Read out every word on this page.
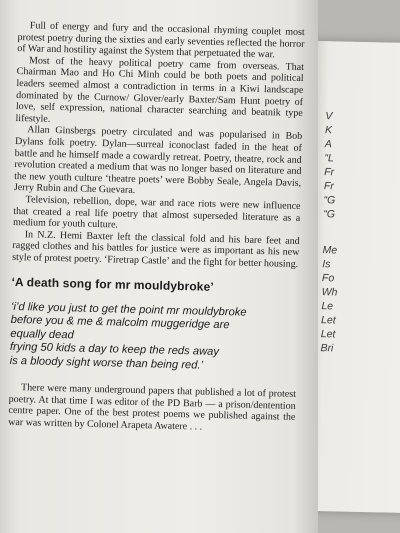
V
K
A
“L
Fr
Fr
“G
“G
Me
Is
Fo
Wh
Le
Let
Let
Bri

Full of energy and fury and the occasional rhyming couplet most protest poetry during the sixties and early seventies reflected the horror of War and hostility against the System that perpetuated the war.

Most of the heavy political poetry came from overseas. That Chairman Mao and Ho Chi Minh could be both poets and political leaders seemed almost a contradiction in terms in a Kiwi landscape dominated by the Curnow/ Glover/early Baxter/Sam Hunt poetry of love, self expression, national character searching and beatnik type lifestyle.

Allan Ginsbergs poetry circulated and was popularised in Bob Dylans folk poetry. Dylan—surreal iconoclast faded in the heat of battle and he himself made a cowardly retreat. Poetry, theatre, rock and revolution created a medium that was no longer based on literature and the new youth culture ‘theatre poets’ were Bobby Seale, Angela Davis, Jerry Rubin and Che Guevara.

Television, rebellion, dope, war and race riots were new influence that created a real life poetry that almost superseded literature as a medium for youth culture.

In N.Z. Hemi Baxter left the classical fold and his bare feet and ragged clothes and his battles for justice were as important as his new style of protest poetry. ‘Firetrap Castle’ and the fight for better housing.

‘A death song for mr mouldybroke’
‘i’d like you just to get the point mr mouldybroke
before you & me & malcolm muggeridge are
equally dead
frying 50 kids a day to keep the reds away
is a bloody sight worse than being red.’

There were many underground papers that published a lot of protest poetry. At that time I was editor of the PD Barb — a prison/dentention centre paper. One of the best protest poems we published against the war was written by Colonel Arapeta Awatere . . .
